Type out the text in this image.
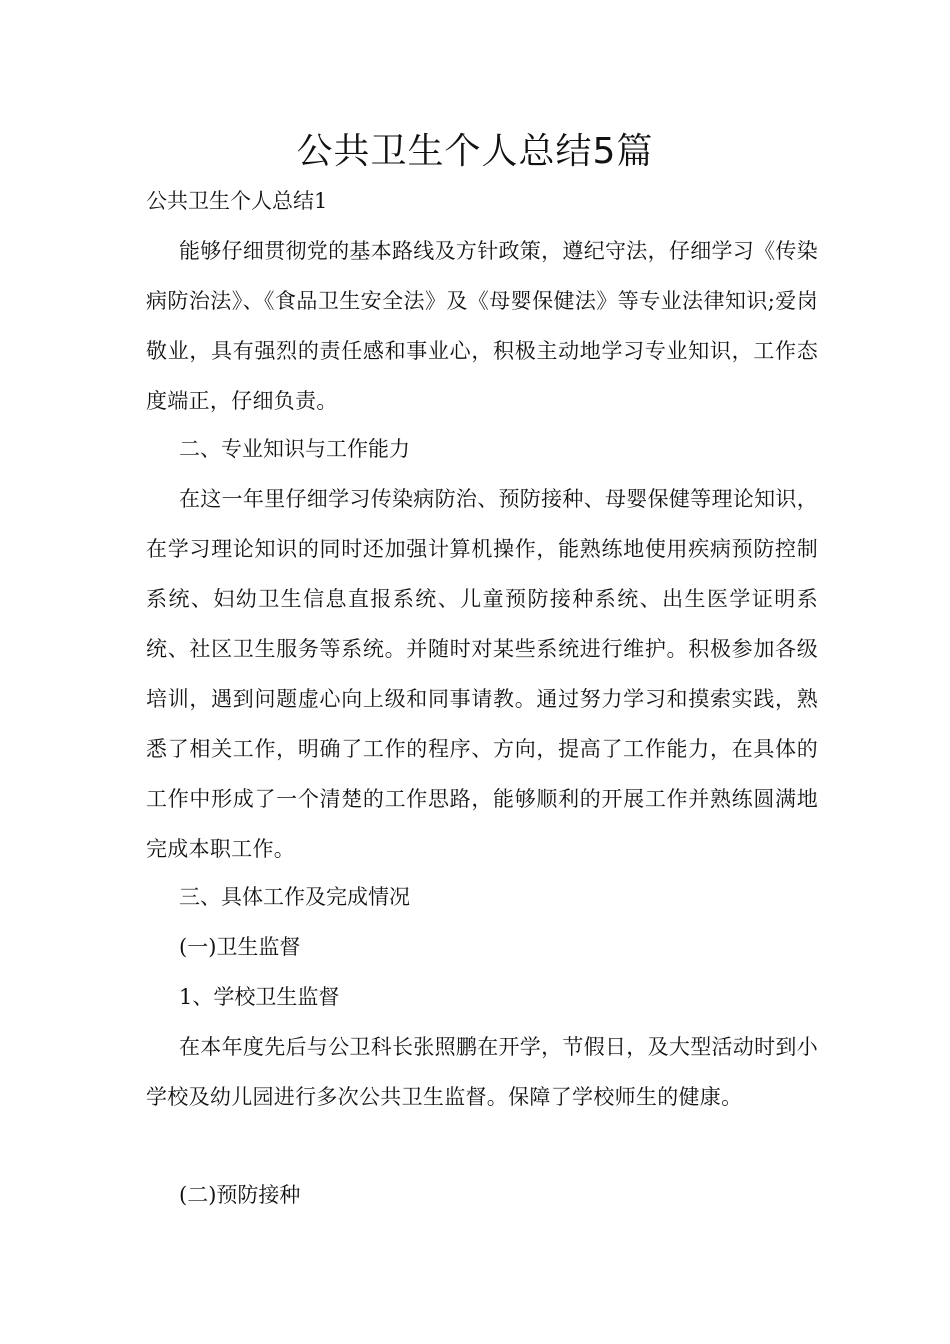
公共卫生个人总结5篇

公共卫生个人总结1

能够仔细贯彻党的基本路线及方针政策，遵纪守法，仔细学习《传染病防治法》、《食品卫生安全法》及《母婴保健法》等专业法律知识;爱岗敬业，具有强烈的责任感和事业心，积极主动地学习专业知识，工作态度端正，仔细负责。

二、专业知识与工作能力

在这一年里仔细学习传染病防治、预防接种、母婴保健等理论知识，在学习理论知识的同时还加强计算机操作，能熟练地使用疾病预防控制系统、妇幼卫生信息直报系统、儿童预防接种系统、出生医学证明系统、社区卫生服务等系统。并随时对某些系统进行维护。积极参加各级培训，遇到问题虚心向上级和同事请教。通过努力学习和摸索实践，熟悉了相关工作，明确了工作的程序、方向，提高了工作能力，在具体的工作中形成了一个清楚的工作思路，能够顺利的开展工作并熟练圆满地完成本职工作。

三、具体工作及完成情况

(一)卫生监督

1、学校卫生监督

在本年度先后与公卫科长张照鹏在开学，节假日，及大型活动时到小学校及幼儿园进行多次公共卫生监督。保障了学校师生的健康。

(二)预防接种
